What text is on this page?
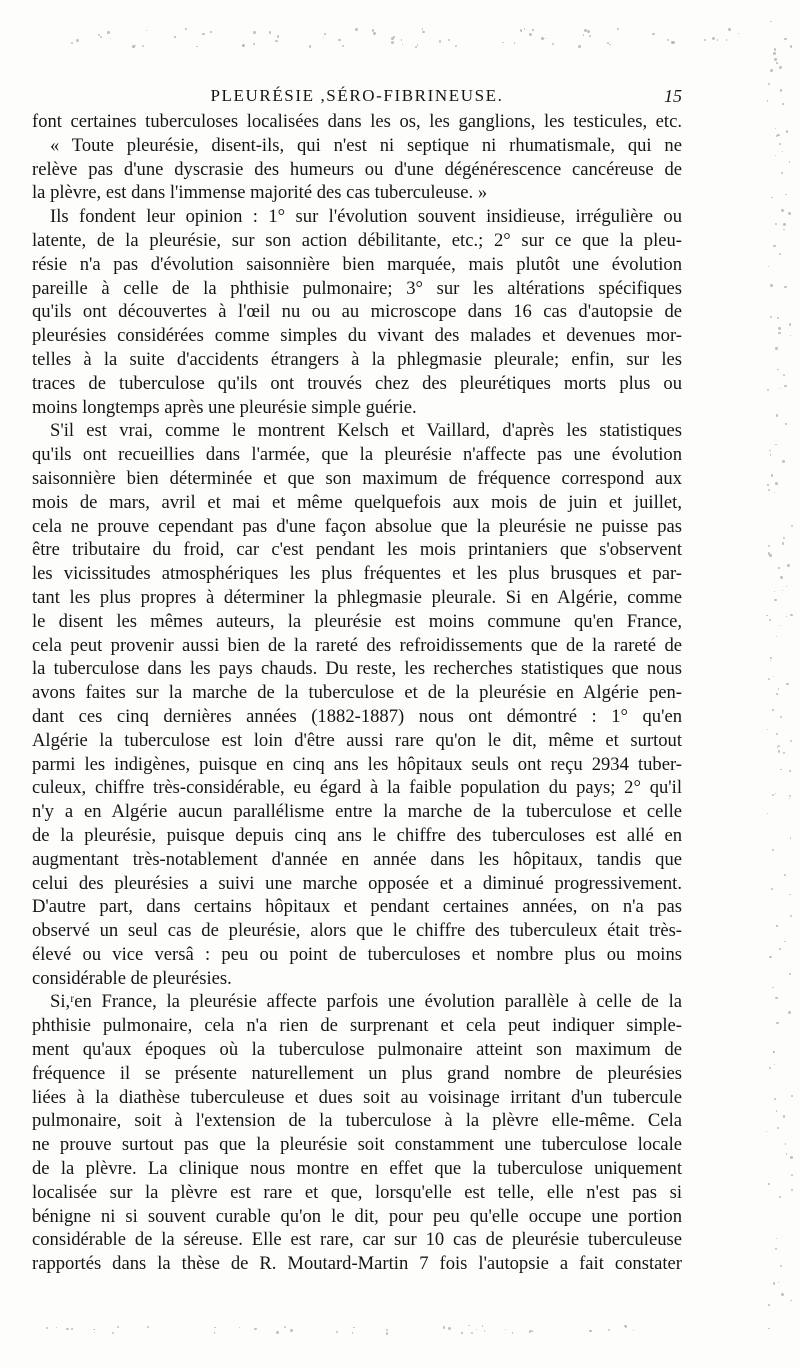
PLEURÉSIE ,SÉRO-FIBRINEUSE.	15
font certaines tuberculoses localisées dans les os, les ganglions, les testicules, etc.
« Toute pleurésie, disent-ils, qui n'est ni septique ni rhumatismale, qui ne
relève pas d'une dyscrasie des humeurs ou d'une dégénérescence cancéreuse de
la plèvre, est dans l'immense majorité des cas tuberculeuse. »
Ils fondent leur opinion : 1° sur l'évolution souvent insidieuse, irrégulière ou
latente, de la pleurésie, sur son action débilitante, etc.; 2° sur ce que la pleu-
résie n'a pas d'évolution saisonnière bien marquée, mais plutôt une évolution
pareille à celle de la phthisie pulmonaire; 3° sur les altérations spécifiques
qu'ils ont découvertes à l'œil nu ou au microscope dans 16 cas d'autopsie de
pleurésies considérées comme simples du vivant des malades et devenues mor-
telles à la suite d'accidents étrangers à la phlegmasie pleurale; enfin, sur les
traces de tuberculose qu'ils ont trouvés chez des pleurétiques morts plus ou
moins longtemps après une pleurésie simple guérie.
S'il est vrai, comme le montrent Kelsch et Vaillard, d'après les statistiques
qu'ils ont recueillies dans l'armée, que la pleurésie n'affecte pas une évolution
saisonnière bien déterminée et que son maximum de fréquence correspond aux
mois de mars, avril et mai et même quelquefois aux mois de juin et juillet,
cela ne prouve cependant pas d'une façon absolue que la pleurésie ne puisse pas
être tributaire du froid, car c'est pendant les mois printaniers que s'observent
les vicissitudes atmosphériques les plus fréquentes et les plus brusques et par-
tant les plus propres à déterminer la phlegmasie pleurale. Si en Algérie, comme
le disent les mêmes auteurs, la pleurésie est moins commune qu'en France,
cela peut provenir aussi bien de la rareté des refroidissements que de la rareté de
la tuberculose dans les pays chauds. Du reste, les recherches statistiques que nous
avons faites sur la marche de la tuberculose et de la pleurésie en Algérie pen-
dant ces cinq dernières années (1882-1887) nous ont démontré : 1° qu'en
Algérie la tuberculose est loin d'être aussi rare qu'on le dit, même et surtout
parmi les indigènes, puisque en cinq ans les hôpitaux seuls ont reçu 2934 tuber-
culeux, chiffre très-considérable, eu égard à la faible population du pays; 2° qu'il
n'y a en Algérie aucun parallélisme entre la marche de la tuberculose et celle
de la pleurésie, puisque depuis cinq ans le chiffre des tuberculoses est allé en
augmentant très-notablement d'année en année dans les hôpitaux, tandis que
celui des pleurésies a suivi une marche opposée et a diminué progressivement.
D'autre part, dans certains hôpitaux et pendant certaines années, on n'a pas
observé un seul cas de pleurésie, alors que le chiffre des tuberculeux était très-
élevé ou vice versâ : peu ou point de tuberculoses et nombre plus ou moins
considérable de pleurésies.
Si,ʳen France, la pleurésie affecte parfois une évolution parallèle à celle de la
phthisie pulmonaire, cela n'a rien de surprenant et cela peut indiquer simple-
ment qu'aux époques où la tuberculose pulmonaire atteint son maximum de
fréquence il se présente naturellement un plus grand nombre de pleurésies
liées à la diathèse tuberculeuse et dues soit au voisinage irritant d'un tubercule
pulmonaire, soit à l'extension de la tuberculose à la plèvre elle-même. Cela
ne prouve surtout pas que la pleurésie soit constamment une tuberculose locale
de la plèvre. La clinique nous montre en effet que la tuberculose uniquement
localisée sur la plèvre est rare et que, lorsqu'elle est telle, elle n'est pas si
bénigne ni si souvent curable qu'on le dit, pour peu qu'elle occupe une portion
considérable de la séreuse. Elle est rare, car sur 10 cas de pleurésie tuberculeuse
rapportés dans la thèse de R. Moutard-Martin 7 fois l'autopsie a fait constater
